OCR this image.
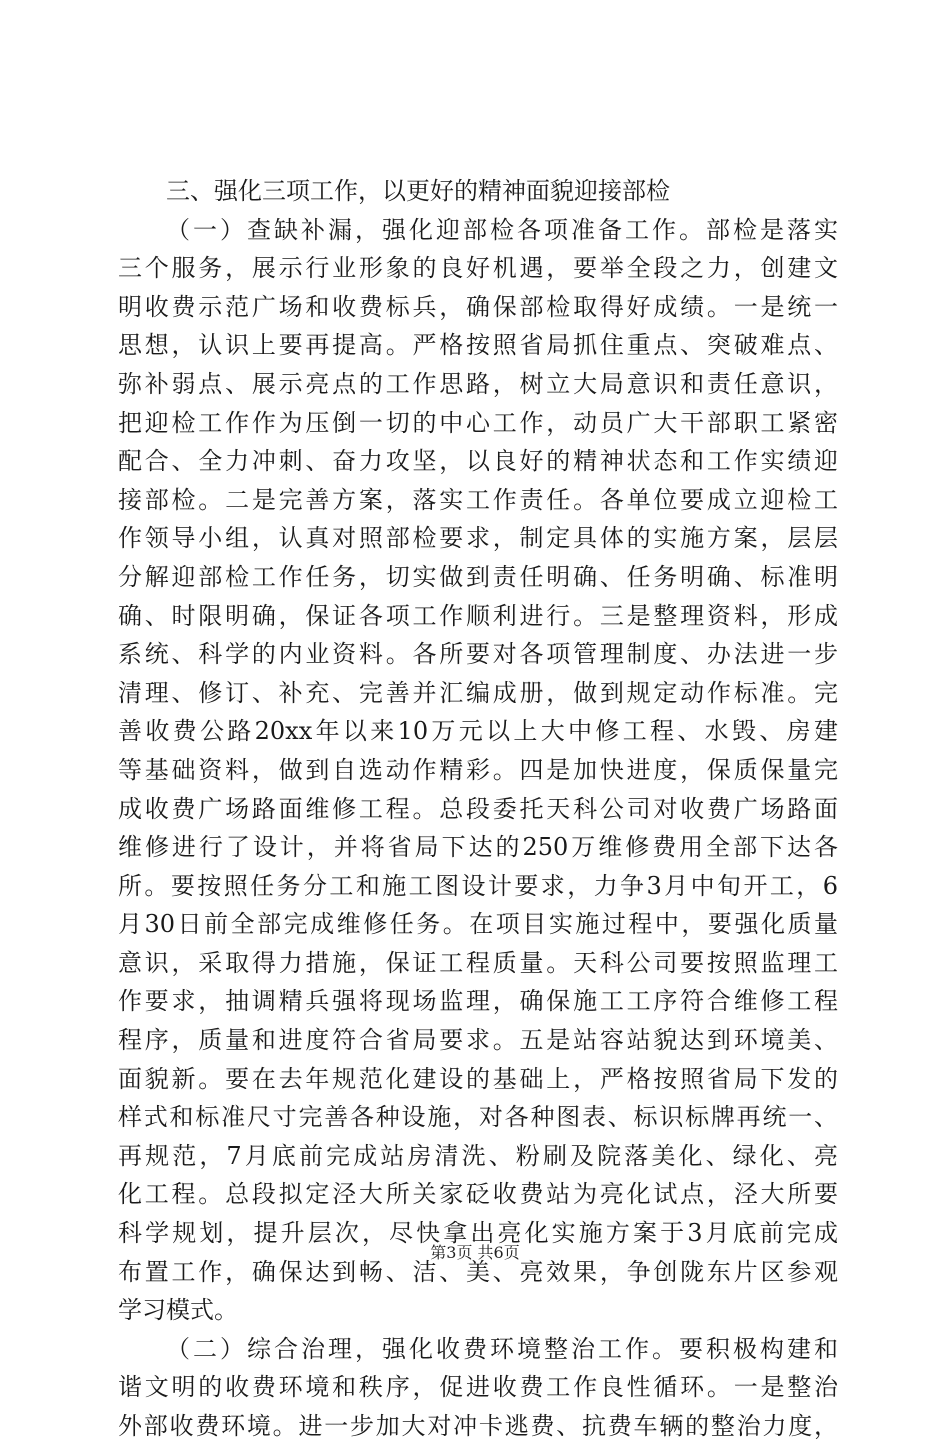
三、强化三项工作，以更好的精神面貌迎接部检
（一）查缺补漏，强化迎部检各项准备工作。部检是落实
三个服务，展示行业形象的良好机遇，要举全段之力，创建文
明收费示范广场和收费标兵，确保部检取得好成绩。一是统一
思想，认识上要再提高。严格按照省局抓住重点、突破难点、
弥补弱点、展示亮点的工作思路，树立大局意识和责任意识，
把迎检工作作为压倒一切的中心工作，动员广大干部职工紧密
配合、全力冲刺、奋力攻坚，以良好的精神状态和工作实绩迎
接部检。二是完善方案，落实工作责任。各单位要成立迎检工
作领导小组，认真对照部检要求，制定具体的实施方案，层层
分解迎部检工作任务，切实做到责任明确、任务明确、标准明
确、时限明确，保证各项工作顺利进行。三是整理资料，形成
系统、科学的内业资料。各所要对各项管理制度、办法进一步
清理、修订、补充、完善并汇编成册，做到规定动作标准。完
善收费公路20xx年以来10万元以上大中修工程、水毁、房建
等基础资料，做到自选动作精彩。四是加快进度，保质保量完
成收费广场路面维修工程。总段委托天科公司对收费广场路面
维修进行了设计，并将省局下达的250万维修费用全部下达各
所。要按照任务分工和施工图设计要求，力争3月中旬开工，6
月30日前全部完成维修任务。在项目实施过程中，要强化质量
意识，采取得力措施，保证工程质量。天科公司要按照监理工
作要求，抽调精兵强将现场监理，确保施工工序符合维修工程
程序，质量和进度符合省局要求。五是站容站貌达到环境美、
面貌新。要在去年规范化建设的基础上，严格按照省局下发的
样式和标准尺寸完善各种设施，对各种图表、标识标牌再统一、
再规范，7月底前完成站房清洗、粉刷及院落美化、绿化、亮
化工程。总段拟定泾大所关家砭收费站为亮化试点，泾大所要
科学规划，提升层次，尽快拿出亮化实施方案于3月底前完成
布置工作，确保达到畅、洁、美、亮效果，争创陇东片区参观
学习模式。
（二）综合治理，强化收费环境整治工作。要积极构建和
谐文明的收费环境和秩序，促进收费工作良性循环。一是整治
外部收费环境。进一步加大对冲卡逃费、抗费车辆的整治力度，
第3页 共6页
